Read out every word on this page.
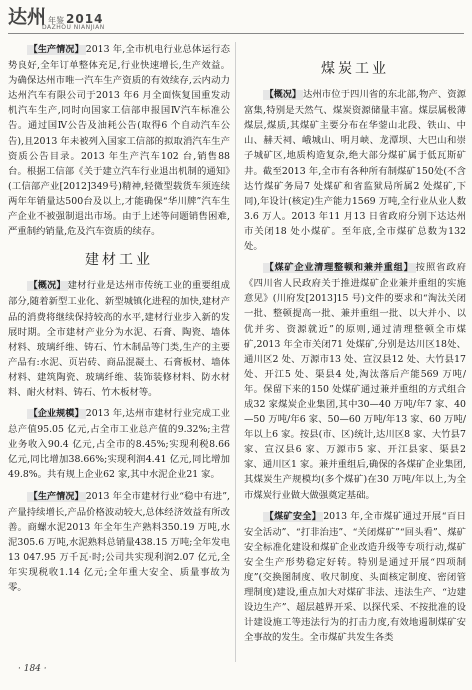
达州 年鉴 2014
DAZHOU NIANJIAN

【生产情况】 2013 年,全市机电行业总体运行态势良好,全年订单整体充足,行业快速增长,生产效益。为确保达州市唯一汽车生产资质的有效续存,云内动力达州汽车有限公司于2013 年6 月全面恢复国重发动机汽车生产,同时向国家工信部申报国Ⅳ汽车标准公告。通过国Ⅳ公告及油耗公告(取得6 个自动汽车公告),且2013 年未被列入国家工信部的拟取消汽车生产资质公告目录。2013 年生产汽车102 台,销售88 台。根据工信部《关于建立汽车行业退出机制的通知》(工信部产业[2012]349号)精神,轻微型载货车须连续两年年销量达500台及以上,才能确保“华川牌”汽车生产企业不被强制退出市场。由于上述等问题销售困难,严重制约销量,危及汽车资质的续存。

建材工业

【概况】 建材行业是达州市传统工业的重要组成部分,随着新型工业化、新型城镇化进程的加快,建材产品的消费将继续保持较高的水平,建材行业步入新的发展时期。全市建材产业分为水泥、石膏、陶瓷、墙体材料、玻璃纤维、铸石、竹木制品等门类,生产的主要产品有:水泥、页岩砖、商品混凝土、石膏板材、墙体材料、建筑陶瓷、玻璃纤维、装饰装修材料、防水材料、耐火材料、铸石、竹木板材等。

【企业规模】 2013 年,达州市建材行业完成工业总产值95.05 亿元,占全市工业总产值的9.32%;主营业务收入90.4 亿元,占全市的8.45%;实现利税8.66 亿元,同比增加38.66%;实现利润4.41 亿元,同比增加49.8%。共有规上企业62 家,其中水泥企业21 家。

【生产情况】 2013 年全市建材行业“稳中有进”,产量持续增长,产品价格波动较大,总体经济效益有所改善。商螺水泥2013 年全年生产熟料350.19 万吨,水泥305.6 万吨,水泥熟料总销量438.15 万吨;全年发电13 047.95 万千瓦·时;公司共实现利润2.07 亿元,全年实现税收1.14 亿元;全年重大安全、质量事故为零。

煤炭工业

【概况】 达州市位于四川省的东北部,物产、资源富集,特别是天然气、煤炭资源储量丰富。煤层属极薄煤层,煤质,其煤矿主要分布在华蓥山北段、铁山、中山、赫天祠、峨城山、明月峡、龙潭坝、大巴山和崇子城矿区,地质构造复杂,绝大部分煤矿属于低瓦斯矿井。截至2013 年,全市有各种所有制煤矿150处(不含达竹煤矿务局7 处煤矿和省监狱局所属2 处煤矿,下同),年设计(核定)生产能力1569 万吨,全行业从业人数3.6 万人。2013 年11 月13 日省政府分别下达达州市关闭18 处小煤矿。至年底,全市煤矿总数为132 处。

【煤矿企业清理整顿和兼并重组】 按照省政府《四川省人民政府关于推进煤矿企业兼并重组的实施意见》(川府发[2013]15 号)文件的要求和“淘汰关闭一批、整顿提高一批、兼并重组一批、以大并小、以优并劣、资源就近”的原则,通过清理整顿全市煤矿,2013 年全市关闭71 处煤矿,分别是达川区18处、通川区2 处、万源市13 处、宣汉县12 处、大竹县17 处、开江5 处、渠县4 处,淘汰落后产能569 万吨/年。保留下来的150 处煤矿通过兼并重组的方式组合成32 家煤炭企业集团,其中30—40 万吨/年7 家、40—50 万吨/年6 家、50—60 万吨/年13 家、60 万吨/年以上6 家。按县(市、区)统计,达川区8 家、大竹县7 家、宣汉县6 家、万源市5 家、开江县家、渠县2 家、通川区1 家。兼并重组后,确保的各煤矿企业集团,其煤炭生产规模均(多个煤矿)在30 万吨/年以上,为全市煤炭行业做大做强奠定基础。

【煤矿安全】 2013 年,全市煤矿通过开展“百日安全活动”、“打非治违”、“关闭煤矿”“回头看”、煤矿安全标准化建设和煤矿企业改造升级等专项行动,煤矿安全生产形势稳定好转。特别是通过开展“四项制度”(交换图制度、收尺制度、头面核定制度、密闭管理制度)建设,重点加大对煤矿非法、违法生产、“边建设边生产”、超层越界开采、以探代采、不按批准的设计建设施工等违法行为的打击力度,有效地遏制煤矿安全事故的发生。全市煤矿共发生各类

· 184 ·
